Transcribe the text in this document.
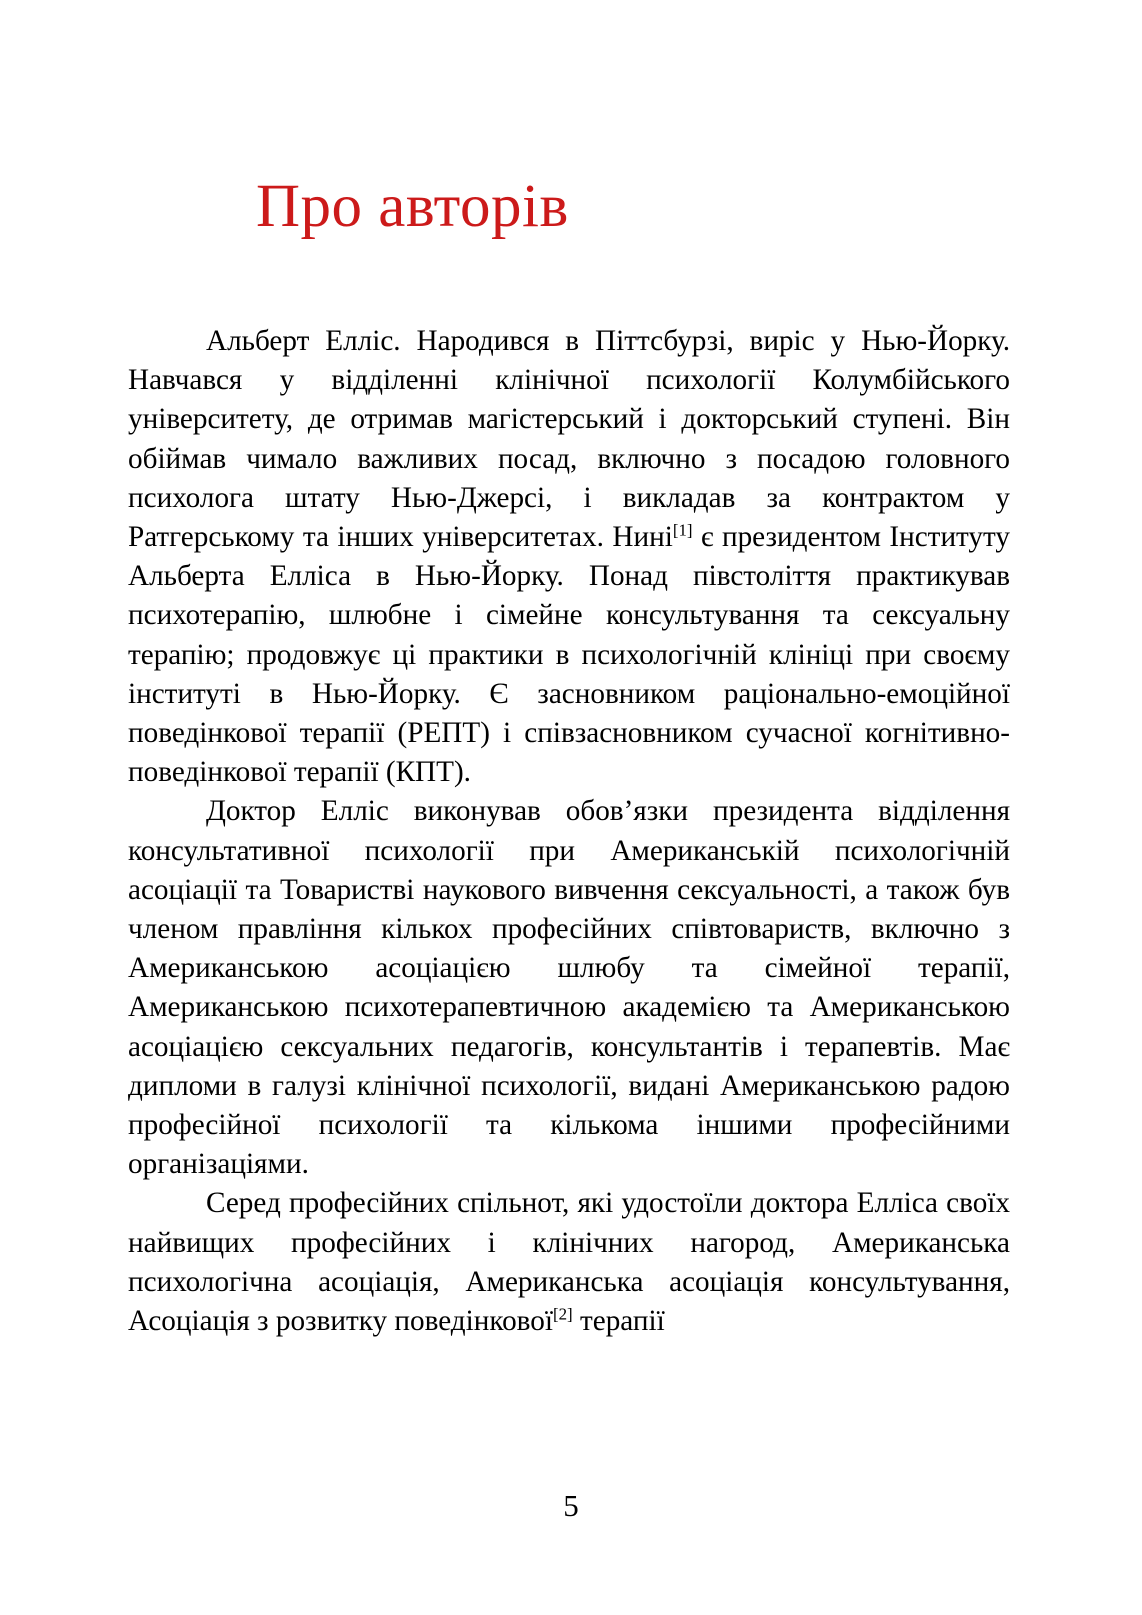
Про авторів

Альберт Елліс. Народився в Піттсбурзі, виріс у Нью-Йорку. Навчався у відділенні клінічної психології Колумбійського університету, де отримав магістерський і докторський ступені. Він обіймав чимало важливих посад, включно з посадою головного психолога штату Нью-Джерсі, і викладав за контрактом у Ратгерському та інших університетах. Нині[1] є президентом Інституту Альберта Елліса в Нью-Йорку. Понад півстоліття практикував психотерапію, шлюбне і сімейне консультування та сексуальну терапію; продовжує ці практики в психологічній клініці при своєму інституті в Нью-Йорку. Є засновником раціонально-емоційної поведінкової терапії (РЕПТ) і співзасновником сучасної когнітивно-поведінкової терапії (КПТ).

Доктор Елліс виконував обов’язки президента відділення консультативної психології при Американській психологічній асоціації та Товаристві наукового вивчення сексуальності, а також був членом правління кількох професійних співтовариств, включно з Американською асоціацією шлюбу та сімейної терапії, Американською психотерапевтичною академією та Американською асоціацією сексуальних педагогів, консультантів і терапевтів. Має дипломи в галузі клінічної психології, видані Американською радою професійної психології та кількома іншими професійними організаціями.

Серед професійних спільнот, які удостоїли доктора Елліса своїх найвищих професійних і клінічних нагород, Американська психологічна асоціація, Американська асоціація консультування, Асоціація з розвитку поведінкової[2] терапії

5
